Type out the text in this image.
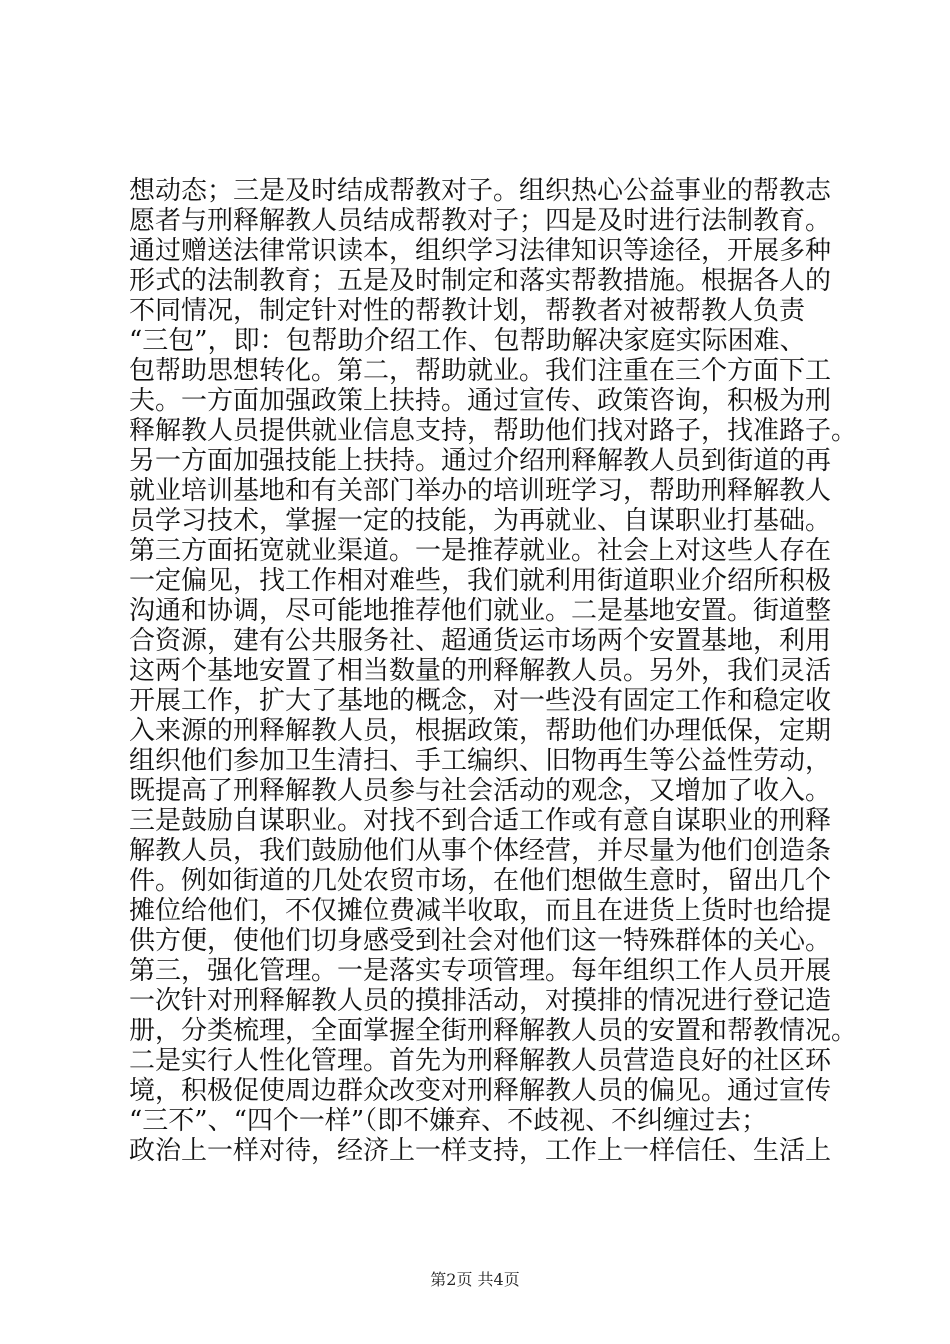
想动态；三是及时结成帮教对子。组织热心公益事业的帮教志
愿者与刑释解教人员结成帮教对子；四是及时进行法制教育。
通过赠送法律常识读本，组织学习法律知识等途径，开展多种
形式的法制教育；五是及时制定和落实帮教措施。根据各人的
不同情况，制定针对性的帮教计划，帮教者对被帮教人负责
“三包”，即：包帮助介绍工作、包帮助解决家庭实际困难、
包帮助思想转化。第二，帮助就业。我们注重在三个方面下工
夫。一方面加强政策上扶持。通过宣传、政策咨询，积极为刑
释解教人员提供就业信息支持，帮助他们找对路子，找准路子。
另一方面加强技能上扶持。通过介绍刑释解教人员到街道的再
就业培训基地和有关部门举办的培训班学习，帮助刑释解教人
员学习技术，掌握一定的技能，为再就业、自谋职业打基础。
第三方面拓宽就业渠道。一是推荐就业。社会上对这些人存在
一定偏见，找工作相对难些，我们就利用街道职业介绍所积极
沟通和协调，尽可能地推荐他们就业。二是基地安置。街道整
合资源，建有公共服务社、超通货运市场两个安置基地，利用
这两个基地安置了相当数量的刑释解教人员。另外，我们灵活
开展工作，扩大了基地的概念，对一些没有固定工作和稳定收
入来源的刑释解教人员，根据政策，帮助他们办理低保，定期
组织他们参加卫生清扫、手工编织、旧物再生等公益性劳动，
既提高了刑释解教人员参与社会活动的观念，又增加了收入。
三是鼓励自谋职业。对找不到合适工作或有意自谋职业的刑释
解教人员，我们鼓励他们从事个体经营，并尽量为他们创造条
件。例如街道的几处农贸市场，在他们想做生意时，留出几个
摊位给他们，不仅摊位费减半收取，而且在进货上货时也给提
供方便，使他们切身感受到社会对他们这一特殊群体的关心。
第三，强化管理。一是落实专项管理。每年组织工作人员开展
一次针对刑释解教人员的摸排活动，对摸排的情况进行登记造
册，分类梳理，全面掌握全街刑释解教人员的安置和帮教情况。
二是实行人性化管理。首先为刑释解教人员营造良好的社区环
境，积极促使周边群众改变对刑释解教人员的偏见。通过宣传
“三不”、“四个一样”（即不嫌弃、不歧视、不纠缠过去；
政治上一样对待，经济上一样支持，工作上一样信任、生活上
第2页 共4页
